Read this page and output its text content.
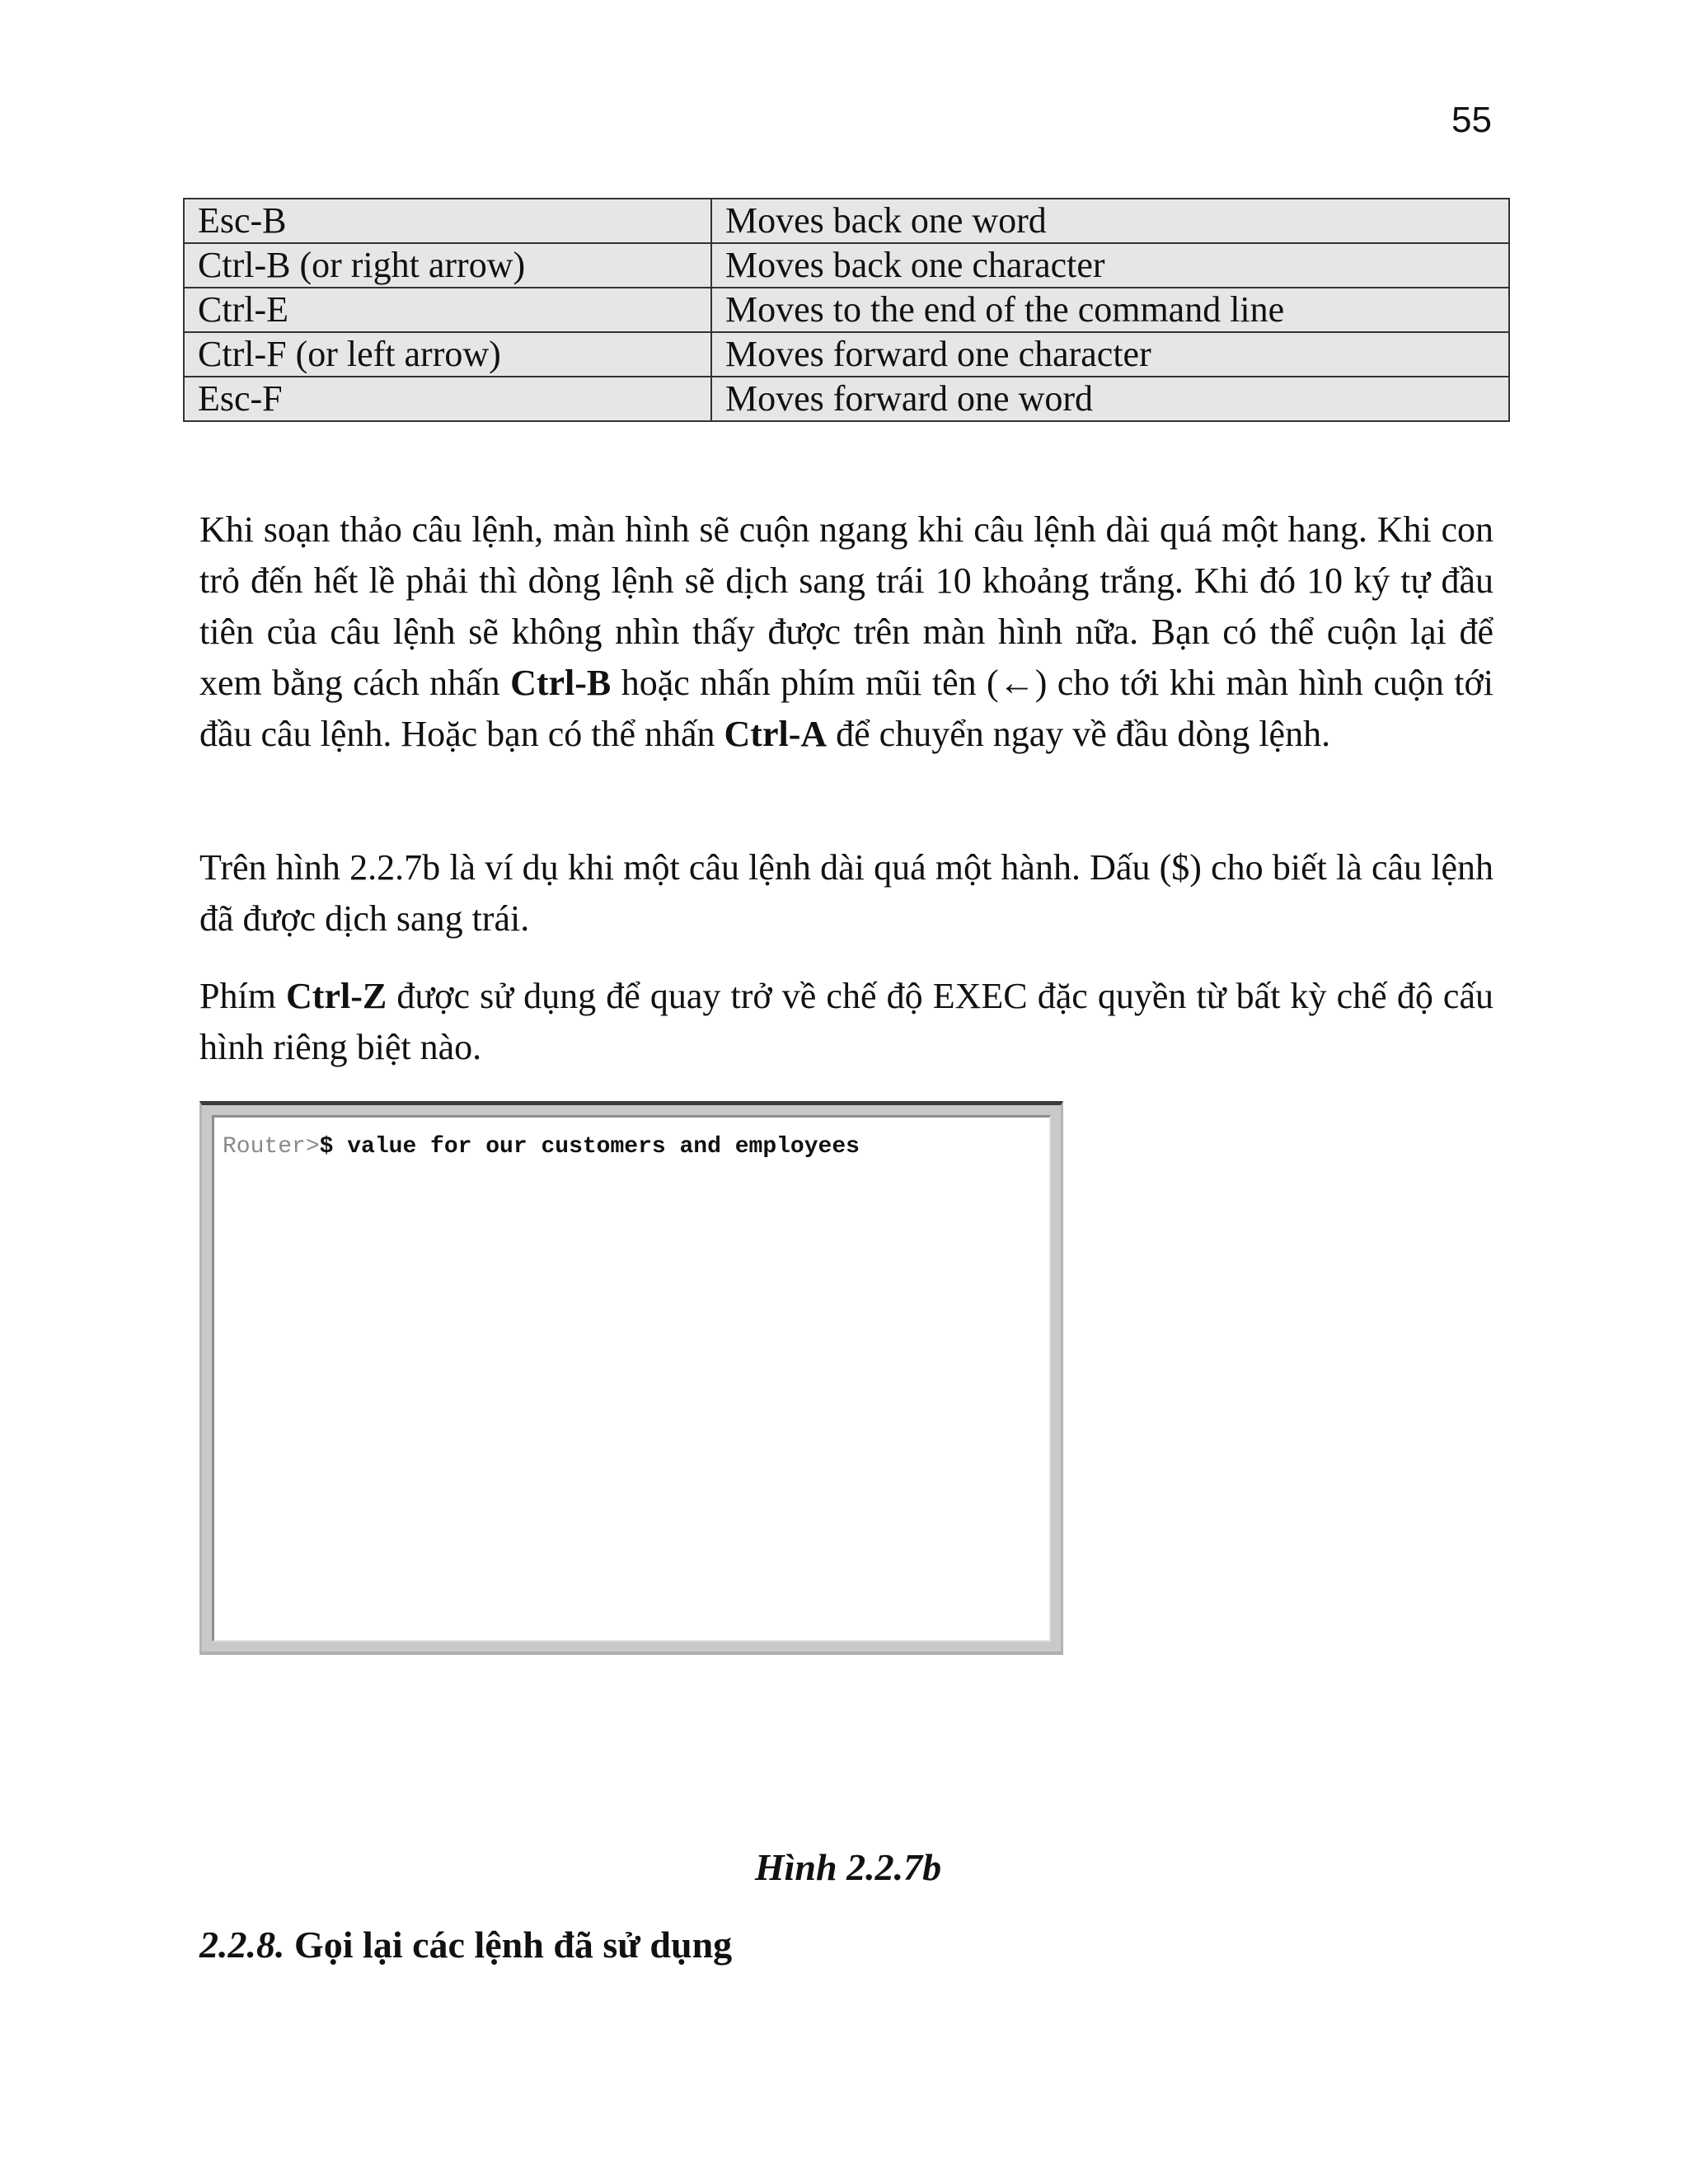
55
Esc-B	Moves back one word
Ctrl-B (or right arrow)	Moves back one character
Ctrl-E	Moves to the end of the command line
Ctrl-F (or left arrow)	Moves forward one character
Esc-F	Moves forward one word

Khi soạn thảo câu lệnh, màn hình sẽ cuộn ngang khi câu lệnh dài quá một hang. Khi con trỏ đến hết lề phải thì dòng lệnh sẽ dịch sang trái 10 khoảng trắng. Khi đó 10 ký tự đầu tiên của câu lệnh sẽ không nhìn thấy được trên màn hình nữa. Bạn có thể cuộn lại để xem bằng cách nhấn Ctrl-B hoặc nhấn phím mũi tên (←) cho tới khi màn hình cuộn tới đầu câu lệnh. Hoặc bạn có thể nhấn Ctrl-A để chuyển ngay về đầu dòng lệnh.

Trên hình 2.2.7b là ví dụ khi một câu lệnh dài quá một hành. Dấu ($) cho biết là câu lệnh đã được dịch sang trái.

Phím Ctrl-Z được sử dụng để quay trở về chế độ EXEC đặc quyền từ bất kỳ chế độ cấu hình riêng biệt nào.

Router>$ value for our customers and employees
Hình 2.2.7b
2.2.8. Gọi lại các lệnh đã sử dụng
